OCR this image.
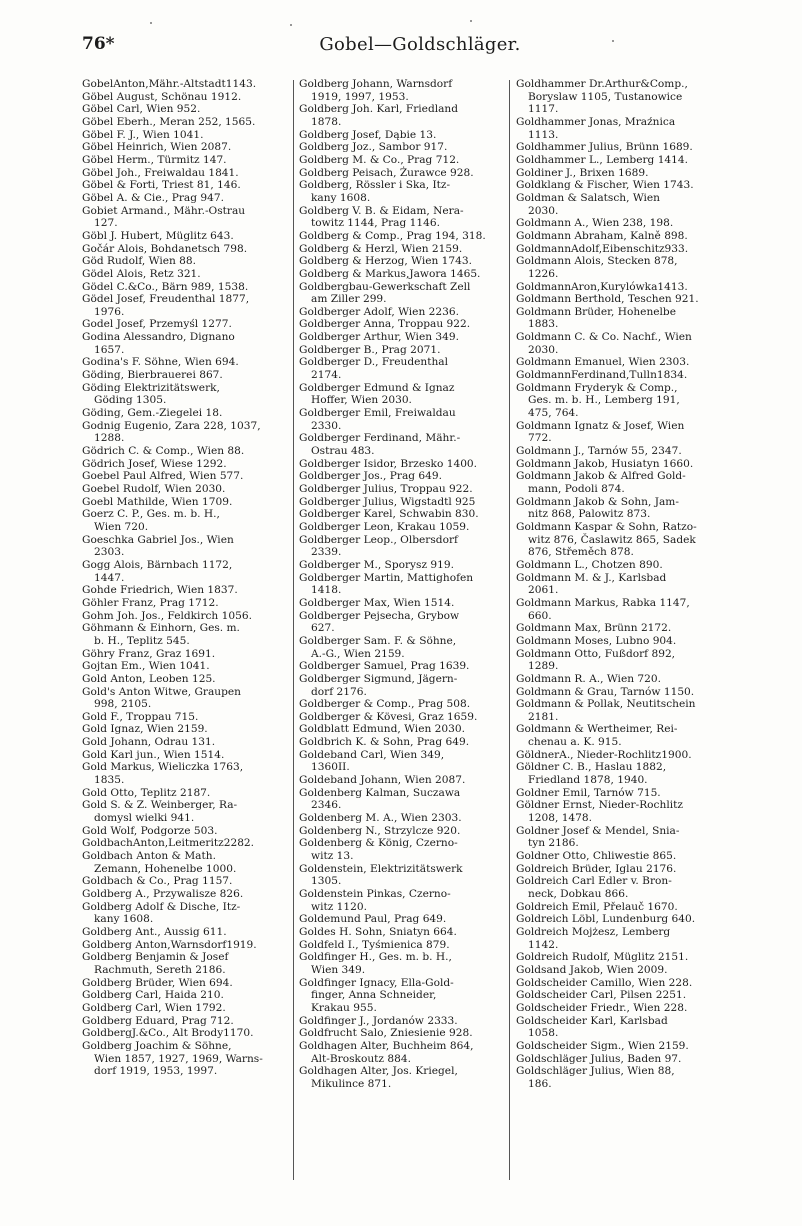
76*	Gobel—Goldschläger.
GobelAnton,Mähr.-Altstadt1143.
Göbel August, Schönau 1912.
Göbel Carl, Wien 952.
Göbel Eberh., Meran 252, 1565.
Göbel F. J., Wien 1041.
Göbel Heinrich, Wien 2087.
Göbel Herm., Türmitz 147.
Göbel Joh., Freiwaldau 1841.
Göbel & Forti, Triest 81, 146.
Göbel A. & Cie., Prag 947.
Gobiet Armand., Mähr.-Ostrau
127.
Göbl J. Hubert, Müglitz 643.
Gočár Alois, Bohdanetsch 798.
Göd Rudolf, Wien 88.
Gödel Alois, Retz 321.
Gödel C.&Co., Bärn 989, 1538.
Gödel Josef, Freudenthal 1877,
1976.
Godel Josef, Przemyśl 1277.
Godina Alessandro, Dignano
1657.
Godina's F. Söhne, Wien 694.
Göding, Bierbrauerei 867.
Göding Elektrizitätswerk,
Göding 1305.
Göding, Gem.-Ziegelei 18.
Godnig Eugenio, Zara 228, 1037,
1288.
Gödrich C. & Comp., Wien 88.
Gödrich Josef, Wiese 1292.
Goebel Paul Alfred, Wien 577.
Goebel Rudolf, Wien 2030.
Goebl Mathilde, Wien 1709.
Goerz C. P., Ges. m. b. H.,
Wien 720.
Goeschka Gabriel Jos., Wien
2303.
Gogg Alois, Bärnbach 1172,
1447.
Gohde Friedrich, Wien 1837.
Göhler Franz, Prag 1712.
Gohm Joh. Jos., Feldkirch 1056.
Göhmann & Einhorn, Ges. m.
b. H., Teplitz 545.
Göhry Franz, Graz 1691.
Gojtan Em., Wien 1041.
Gold Anton, Leoben 125.
Gold's Anton Witwe, Graupen
998, 2105.
Gold F., Troppau 715.
Gold Ignaz, Wien 2159.
Gold Johann, Odrau 131.
Gold Karl jun., Wien 1514.
Gold Markus, Wieliczka 1763,
1835.
Gold Otto, Teplitz 2187.
Gold S. & Z. Weinberger, Ra-
domysl wielki 941.
Gold Wolf, Podgorze 503.
GoldbachAnton,Leitmeritz2282.
Goldbach Anton & Math.
Zemann, Hohenelbe 1000.
Goldbach & Co., Prag 1157.
Goldberg A., Przywalisze 826.
Goldberg Adolf & Dische, Itz-
kany 1608.
Goldberg Ant., Aussig 611.
Goldberg Anton,Warnsdorf1919.
Goldberg Benjamin & Josef
Rachmuth, Sereth 2186.
Goldberg Brüder, Wien 694.
Goldberg Carl, Haida 210.
Goldberg Carl, Wien 1792.
Goldberg Eduard, Prag 712.
GoldbergJ.&Co., Alt Brody1170.
Goldberg Joachim & Söhne,
Wien 1857, 1927, 1969, Warns-
dorf 1919, 1953, 1997.
Goldberg Johann, Warnsdorf
1919, 1997, 1953.
Goldberg Joh. Karl, Friedland
1878.
Goldberg Josef, Dąbie 13.
Goldberg Joz., Sambor 917.
Goldberg M. & Co., Prag 712.
Goldberg Peisach, Żurawce 928.
Goldberg, Rössler i Ska, Itz-
kany 1608.
Goldberg V. B. & Eidam, Nera-
towitz 1144, Prag 1146.
Goldberg & Comp., Prag 194, 318.
Goldberg & Herzl, Wien 2159.
Goldberg & Herzog, Wien 1743.
Goldberg & Markus,Jaworа 1465.
Goldbergbau-Gewerkschaft Zell
am Ziller 299.
Goldberger Adolf, Wien 2236.
Goldberger Anna, Troppau 922.
Goldberger Arthur, Wien 349.
Goldberger B., Prag 2071.
Goldberger D., Freudenthal
2174.
Goldberger Edmund & Ignaz
Hoffer, Wien 2030.
Goldberger Emil, Freiwaldau
2330.
Goldberger Ferdinand, Mähr.-
Ostrau 483.
Goldberger Isidor, Brzesko 1400.
Goldberger Jos., Prag 649.
Goldberger Julius, Troppau 922.
Goldberger Julius, Wigstadtl 925
Goldberger Karel, Schwabin 830.
Goldberger Leon, Krakau 1059.
Goldberger Leop., Olbersdorf
2339.
Goldberger M., Sporysz 919.
Goldberger Martin, Mattighofen
1418.
Goldberger Max, Wien 1514.
Goldberger Pejsecha, Grybow
627.
Goldberger Sam. F. & Söhne,
A.-G., Wien 2159.
Goldberger Samuel, Prag 1639.
Goldberger Sigmund, Jägern-
dorf 2176.
Goldberger & Comp., Prag 508.
Goldberger & Kövesi, Graz 1659.
Goldblatt Edmund, Wien 2030.
Goldbrich K. & Sohn, Prag 649.
Goldeband Carl, Wien 349,
1360II.
Goldeband Johann, Wien 2087.
Goldenberg Kalman, Suczawa
2346.
Goldenberg M. A., Wien 2303.
Goldenberg N., Strzylcze 920.
Goldenberg & König, Czerno-
witz 13.
Goldenstein, Elektrizitätswerk
1305.
Goldenstein Pinkas, Czerno-
witz 1120.
Goldemund Paul, Prag 649.
Goldes H. Sohn, Sniatyn 664.
Goldfeld I., Tyśmienica 879.
Goldfinger H., Ges. m. b. H.,
Wien 349.
Goldfinger Ignacy, Ella-Gold-
finger, Anna Schneider,
Krakau 955.
Goldfinger J., Jordanów 2333.
Goldfrucht Salo, Zniesienie 928.
Goldhagen Alter, Buchheim 864,
Alt-Broskoutz 884.
Goldhagen Alter, Jos. Kriegel,
Mikulince 871.
Goldhammer Dr.Arthur&Comp.,
Boryslaw 1105, Tustanowice
1117.
Goldhammer Jonas, Mraźnica
1113.
Goldhammer Julius, Brünn 1689.
Goldhammer L., Lemberg 1414.
Goldiner J., Brixen 1689.
Goldklang & Fischer, Wien 1743.
Goldman & Salatsch, Wien
2030.
Goldmann A., Wien 238, 198.
Goldmann Abraham, Kalně 898.
GoldmannAdolf,Eibenschitz933.
Goldmann Alois, Stecken 878,
1226.
GoldmannAron,Kurylówka1413.
Goldmann Berthold, Teschen 921.
Goldmann Brüder, Hohenelbe
1883.
Goldmann C. & Co. Nachf., Wien
2030.
Goldmann Emanuel, Wien 2303.
GoldmannFerdinand,Tulln1834.
Goldmann Fryderyk & Comp.,
Ges. m. b. H., Lemberg 191,
475, 764.
Goldmann Ignatz & Josef, Wien
772.
Goldmann J., Tarnów 55, 2347.
Goldmann Jakob, Husiatyn 1660.
Goldmann Jakob & Alfred Gold-
mann, Podoli 874.
Goldmann Jakob & Sohn, Jam-
nitz 868, Palowitz 873.
Goldmann Kaspar & Sohn, Ratzo-
witz 876, Časlawitz 865, Sadek
876, Střeměch 878.
Goldmann L., Chotzen 890.
Goldmann M. & J., Karlsbad
2061.
Goldmann Markus, Rabka 1147,
660.
Goldmann Max, Brünn 2172.
Goldmann Moses, Lubno 904.
Goldmann Otto, Fußdorf 892,
1289.
Goldmann R. A., Wien 720.
Goldmann & Grau, Tarnów 1150.
Goldmann & Pollak, Neutitschein
2181.
Goldmann & Wertheimer, Rei-
chenau a. K. 915.
GöldnerA., Nieder-Rochlitz1900.
Göldner C. B., Haslau 1882,
Friedland 1878, 1940.
Goldner Emil, Tarnów 715.
Göldner Ernst, Nieder-Rochlitz
1208, 1478.
Goldner Josef & Mendel, Snia-
tyn 2186.
Goldner Otto, Chliwestie 865.
Goldreich Brüder, Iglau 2176.
Goldreich Carl Edler v. Bron-
neck, Dobkau 866.
Goldreich Emil, Přelauč 1670.
Goldreich Löbl, Lundenburg 640.
Goldreich Mojżesz, Lemberg
1142.
Goldreich Rudolf, Müglitz 2151.
Goldsand Jakob, Wien 2009.
Goldscheider Camillo, Wien 228.
Goldscheider Carl, Pilsen 2251.
Goldscheider Friedr., Wien 228.
Goldscheider Karl, Karlsbad
1058.
Goldscheider Sigm., Wien 2159.
Goldschläger Julius, Baden 97.
Goldschläger Julius, Wien 88,
186.
